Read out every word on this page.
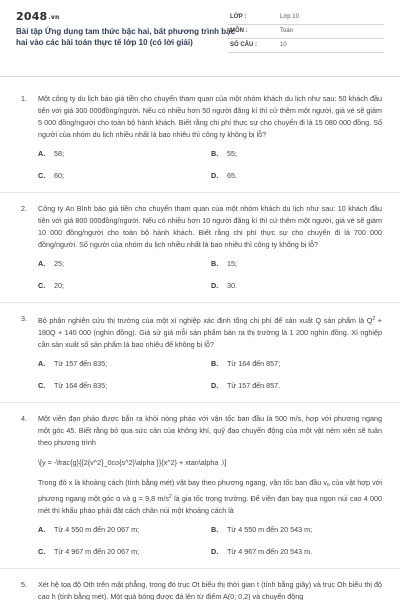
2048.vn
Bài tập Ứng dụng tam thức bậc hai, bất phương trình bậc hai vào các bài toán thực tế lớp 10 (có lời giải)
LỚP :	Lớp 10
MÔN :	Toán
SỐ CÂU :	10
1. Một công ty du lịch báo giá tiền cho chuyến tham quan của một nhóm khách du lịch như sau: 50 khách đầu tiên với giá 300 000đồng/người. Nếu có nhiều hơn 50 người đăng kí thì cứ thêm một người, giá vé sẽ giảm 5 000 đồng/người cho toàn bộ hành khách. Biết rằng chi phí thực sự cho chuyến đi là 15 080 000 đồng. Số người của nhóm du lịch nhiều nhất là bao nhiêu thì công ty không bị lỗ?
A.	58;	B.	55;
C.	60;	D.	65.
2. Công ty An Bình báo giá tiền cho chuyến tham quan của một nhóm khách du lịch như sau: 10 khách đầu tiên với giá 800 000đồng/người. Nếu có nhiều hơn 10 người đăng kí thì cứ thêm một người, giá vé sẽ giảm 10 000 đồng/người cho toàn bộ hành khách. Biết rằng chi phí thực sự cho chuyến đi là 700 000 đồng/người. Số người của nhóm du lịch nhiều nhất là bao nhiêu thì công ty không bị lỗ?
A.	25;	B.	15;
C.	20;	D.	30.
3. Bộ phận nghiên cứu thị trường của một xí nghiệp xác định tổng chi phí để sản xuất Q sản phẩm là $Q^2 + 180Q + 140$ 000 (nghìn đồng). Giả sử giá mỗi sản phẩm bán ra thị trường là 1 200 nghìn đồng. Xí nghiệp cần sản xuất số sản phẩm là bao nhiêu để không bị lỗ?
A.	Từ 157 đến 835;	B.	Từ 164 đến 857;
C.	Từ 164 đến 835;	D.	Từ 157 đến 857.
4. Một viên đạn pháo được bắn ra khỏi nòng pháo với vận tốc ban đầu là 500 m/s, hợp với phương ngang một góc 45. Biết rằng bỏ qua sức cản của không khí, quỹ đạo chuyển động của một vật ném xiên sẽ tuân theo phương trình
\[y = -\frac{g}{{2{v^2}_0co{s^2}\alpha }}{x^2} + xtan\alpha .\]
Trong đó x là khoảng cách (tính bằng mét) vật bay theo phương ngang, vận tốc ban đầu $v_o$ của vật hợp với phương ngang một góc α và g = 9,8 $m/s^2$ là gia tốc trọng trường. Để viên đạn bay qua ngọn núi cao 4 000 mét thì khẩu pháo phải đặt cách chân núi một khoảng cách là
A.	Từ 4 550 m đến 20 067 m;	B.	Từ 4 550 m đến 20 543 m;
C.	Từ 4 967 m đến 20 067 m;	D.	Từ 4 967 m đến 20 543 m.
5. Xét hệ tọa độ Oth trên mặt phẳng, trong đó trục Ot biểu thị thời gian t (tính bằng giây) và trục Oh biểu thị độ cao h (tính bằng mét). Một quả bóng được đá lên từ điểm A(0; 0,2) và chuyển động
